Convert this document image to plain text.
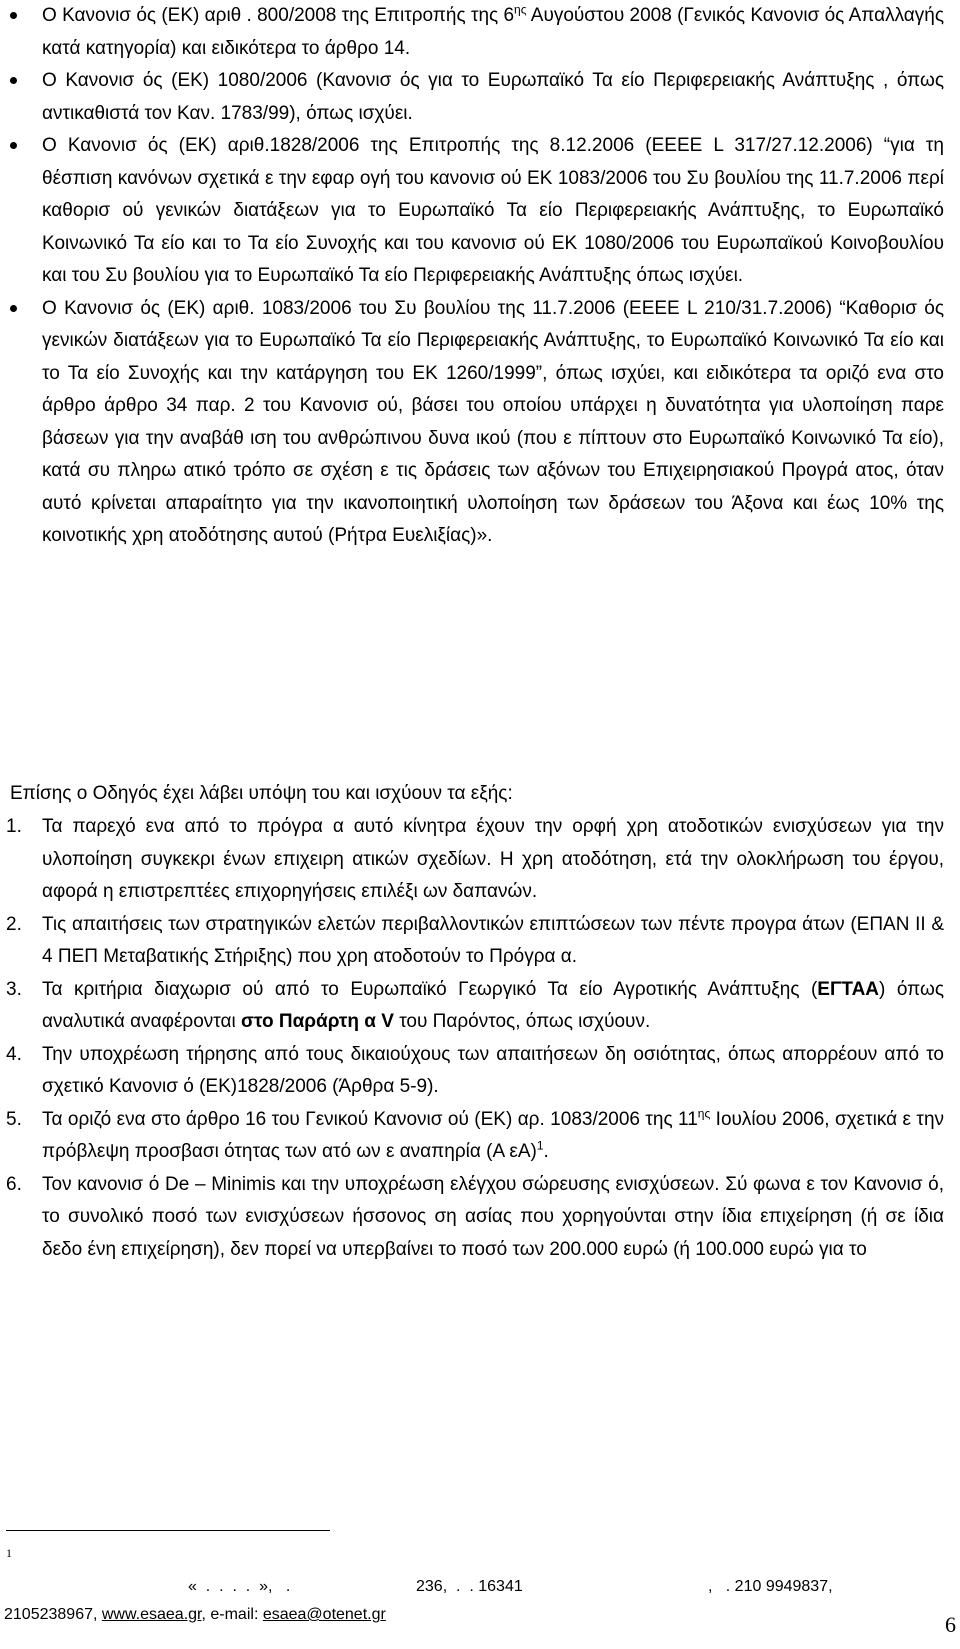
Ο Κανονισ ός (ΕΚ) αριθ . 800/2008 της Επιτροπής της $6^{\eta\varsigma}$ Αυγούστου 2008 (Γενικός Κανονισ ός Απαλλαγής κατά κατηγορία) και ειδικότερα το άρθρο 14.

Ο Κανονισ ός (ΕΚ) 1080/2006 (Κανονισ ός για το Ευρωπαϊκό Τα είο Περιφερειακής Ανάπτυξης , όπως αντικαθιστά τον Καν. 1783/99), όπως ισχύει.

Ο Κανονισ ός (ΕΚ) αριθ.1828/2006 της Επιτροπής της 8.12.2006 (ΕΕΕΕ L 317/27.12.2006) “για τη θέσπιση κανόνων σχετικά ε την εφαρ ογή του κανονισ ού ΕΚ 1083/2006 του Συ βουλίου της 11.7.2006 περί καθορισ ού γενικών διατάξεων για το Ευρωπαϊκό Τα είο Περιφερειακής Ανάπτυξης, το Ευρωπαϊκό Κοινωνικό Τα είο και το Τα είο Συνοχής και του κανονισ ού ΕΚ 1080/2006 του Ευρωπαϊκού Κοινοβουλίου και του Συ βουλίου για το Ευρωπαϊκό Τα είο Περιφερειακής Ανάπτυξης όπως ισχύει.

Ο Κανονισ ός (ΕΚ) αριθ. 1083/2006 του Συ βουλίου της 11.7.2006 (ΕΕΕΕ L 210/31.7.2006) “Καθορισ ός γενικών διατάξεων για το Ευρωπαϊκό Τα είο Περιφερειακής Ανάπτυξης, το Ευρωπαϊκό Κοινωνικό Τα είο και το Τα είο Συνοχής και την κατάργηση του ΕΚ 1260/1999”, όπως ισχύει, και ειδικότερα τα οριζό ενα στο άρθρο άρθρο 34 παρ. 2 του Κανονισ ού, βάσει του οποίου υπάρχει η δυνατότητα για υλοποίηση παρε βάσεων για την αναβάθ ιση του ανθρώπινου δυνα ικού (που ε πίπτουν στο Ευρωπαϊκό Κοινωνικό Τα είο), κατά συ πληρω ατικό τρόπο σε σχέση ε τις δράσεις των αξόνων του Επιχειρησιακού Προγρά ατος, όταν αυτό κρίνεται απαραίτητο για την ικανοποιητική υλοποίηση των δράσεων του Άξονα και έως 10% της κοινοτικής χρη ατοδότησης αυτού (Ρήτρα Ευελιξίας)».

Επίσης ο Οδηγός έχει λάβει υπόψη του και ισχύουν τα εξής:

1. Τα παρεχό ενα από το πρόγρα α αυτό κίνητρα έχουν την ορφή χρη ατοδοτικών ενισχύσεων για την υλοποίηση συγκεκρι ένων επιχειρη ατικών σχεδίων. Η χρη ατοδότηση, ετά την ολοκλήρωση του έργου, αφορά η επιστρεπτέες επιχορηγήσεις επιλέξι ων δαπανών.

2. Τις απαιτήσεις των στρατηγικών ελετών περιβαλλοντικών επιπτώσεων των πέντε προγρα άτων (ΕΠΑΝ ΙΙ & 4 ΠΕΠ Μεταβατικής Στήριξης) που χρη ατοδοτούν το Πρόγρα α.

3. Τα κριτήρια διαχωρισ ού από το Ευρωπαϊκό Γεωργικό Τα είο Αγροτικής Ανάπτυξης (ΕΓΤΑΑ) όπως αναλυτικά αναφέρονται στο Παράρτη α V του Παρόντος, όπως ισχύουν.

4. Την υποχρέωση τήρησης από τους δικαιούχους των απαιτήσεων δη οσιότητας, όπως απορρέουν από το σχετικό Κανονισ ό (ΕΚ)1828/2006 (Άρθρα 5-9).

5. Τα οριζό ενα στο άρθρο 16 του Γενικού Κανονισ ού (ΕΚ) αρ. 1083/2006 της $11^{\eta\varsigma}$ Ιουλίου 2006, σχετικά ε την πρόβλεψη προσβασι ότητας των ατό ων ε αναπηρία (Α εΑ)$^1$.

6. Τον κανονισ ό De – Minimis και την υποχρέωση ελέγχου σώρευσης ενισχύσεων. Σύ φωνα ε τον Κανονισ ό, το συνολικό ποσό των ενισχύσεων ήσσονος ση ασίας που χορηγούνται στην ίδια επιχείρηση (ή σε ίδια δεδο ένη επιχείρηση), δεν πορεί να υπερβαίνει το ποσό των 200.000 ευρώ (ή 100.000 ευρώ για το

1
«  .  .  .  .  »,   .	236,  .  . 16341	,   . 210 9949837,
2105238967, www.esaea.gr, e-mail: esaea@otenet.gr	6
